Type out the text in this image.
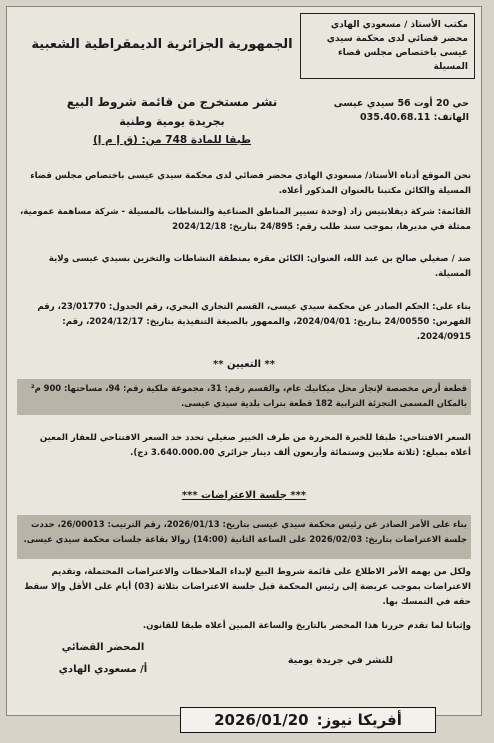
مكتب الأستاذ / مسعودي الهادي
محضر قضائي لدى محكمة سيدي
عيسى باختصاص مجلس قضاء المسيلة
حي 20 أوت 56 سيدي عيسى
الهاتف: 035.40.68.11
الجمهورية الجزائرية الديمقراطية الشعبية
نشر مستخرج من قائمة شروط البيع
بجريدة يومية وطنية
طبقا للمادة 748 من: (ق إ م إ)
نحن الموقع أدناه الأستاذ/ مسعودي الهادي محضر قضائي لدى محكمة سيدي عيسى باختصاص مجلس قضاء المسيلة والكائن مكتبنا بالعنوان المذكور أعلاه.
القائمة: شركة ديفلابتيس زاد (وحدة تسيير المناطق الصناعية والنشاطات بالمسيلة - شركة مساهمة عمومية، ممثلة في مديرها، بموجب سند طلب رقم: 24/895 بتاريخ: 2024/12/18
ضد / صغيلي صالح بن عبد الله، العنوان: الكائن مقره بمنطقة النشاطات والتخزين بسيدي عيسى ولاية المسيلة.
بناء على: الحكم الصادر عن محكمة سيدي عيسى، القسم التجاري البحري، رقم الجدول: 23/01770، رقم الفهرس: 24/00550 بتاريخ: 2024/04/01، والممهور بالصيغة التنفيذية بتاريخ: 2024/12/17، رقم: 2024/0915.
** التعيين **
قطعة أرض مخصصة لإنجاز محل ميكانيك عام، والقسم رقم: 31، مجموعة ملكية رقم: 94، مساحتها: 900 م² بالمكان المسمى التجزئة الترابية 182 قطعة بتراب بلدية سيدي عيسى.
السعر الافتتاحي: طبقا للخبرة المحررة من طرف الخبير صغيلي تحدد حد السعر الافتتاحي للعقار المعين أعلاه بمبلغ: (ثلاثة ملايين وستمائة وأربعون ألف دينار جزائري 3.640.000.00 دج).
*** جلسة الاعتراضات ***
بناء على الأمر الصادر عن رئيس محكمة سيدي عيسى بتاريخ: 2026/01/13، رقم الترتيب: 26/00013، حددت جلسة الاعتراضات بتاريخ: 2026/02/03 على الساعة الثانية (14:00) زوالا بقاعة جلسات محكمة سيدي عيسى.
ولكل من يهمه الأمر الاطلاع على قائمة شروط البيع لإبداء الملاحظات والاعتراضات المحتملة، وتقديم الاعتراضات بموجب عريضة إلى رئيس المحكمة قبل جلسة الاعتراضات بثلاثة (03) أيام على الأقل وإلا سقط حقه في التمسك بها.
وإثباتا لما تقدم حررنا هذا المحضر بالتاريخ والساعة المبين أعلاه طبقا للقانون.
المحضر القضائي
أ/ مسعودي الهادي
للنشر في جريدة يومية
أفريكا نيوز:
2026/01/20
